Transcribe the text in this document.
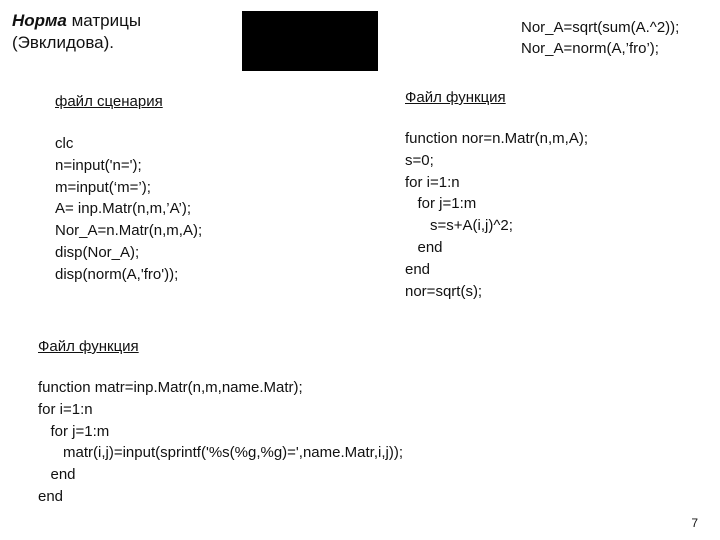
Норма матрицы
(Эвклидова).
Nor_A=sqrt(sum(A.^2));
Nor_A=norm(A,’fro’);
файл сценария
clc
n=input('n=');
m=input(‘m=’);
A= inp.Matr(n,m,’A’);
Nor_A=n.Matr(n,m,A);
disp(Nor_A);
disp(norm(A,'fro'));
Файл функция
function nor=n.Matr(n,m,A);
s=0;
for i=1:n
for j=1:m
s=s+A(i,j)^2;
end
end
nor=sqrt(s);
Файл функция
function matr=inp.Matr(n,m,name.Matr);
for i=1:n
for j=1:m
matr(i,j)=input(sprintf('%s(%g,%g)=',name.Matr,i,j));
end
end
7
